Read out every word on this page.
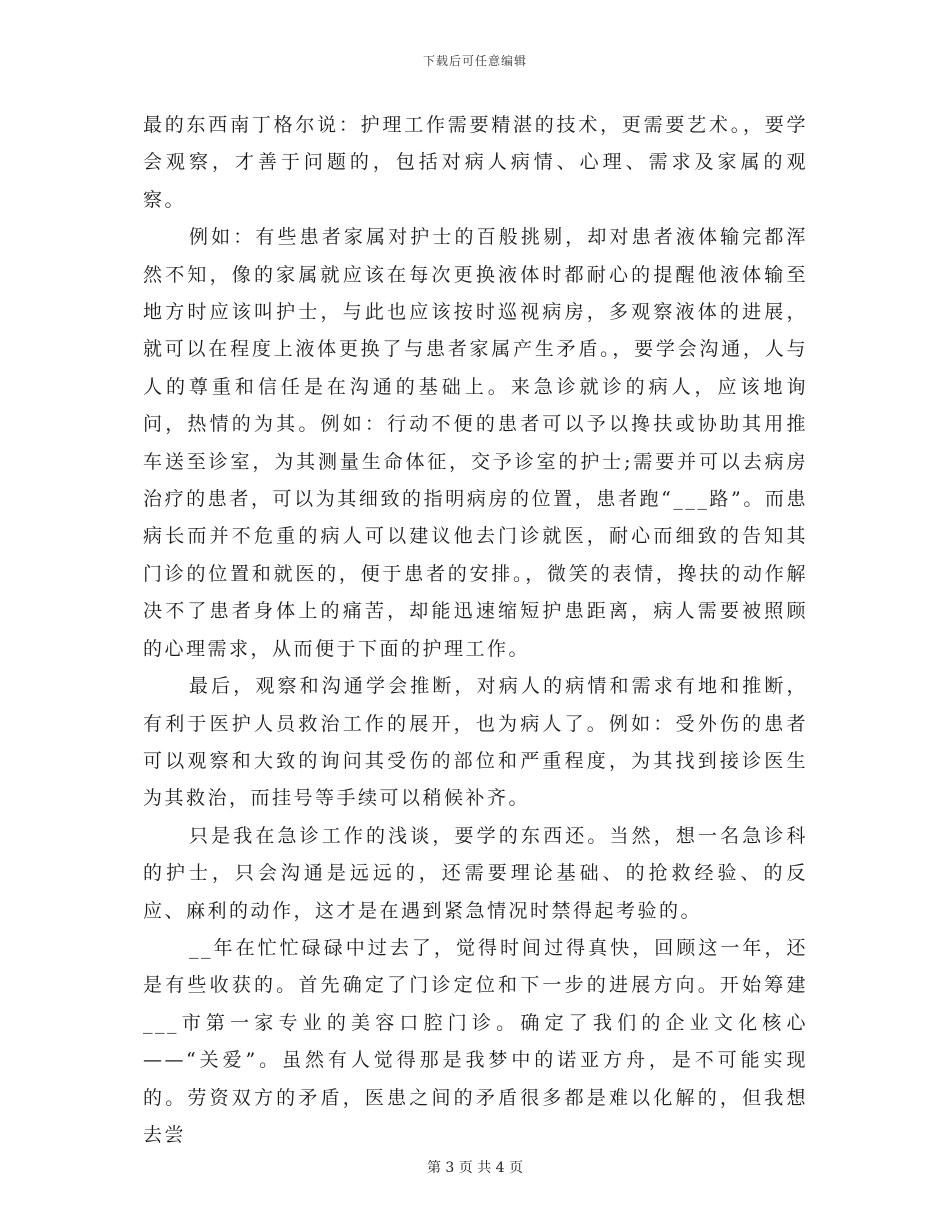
下载后可任意编辑

最的东西南丁格尔说：护理工作需要精湛的技术，更需要艺术。，要学会观察，才善于问题的，包括对病人病情、心理、需求及家属的观察。

例如：有些患者家属对护士的百般挑剔，却对患者液体输完都浑然不知，像的家属就应该在每次更换液体时都耐心的提醒他液体输至地方时应该叫护士，与此也应该按时巡视病房，多观察液体的进展，就可以在程度上液体更换了与患者家属产生矛盾。，要学会沟通，人与人的尊重和信任是在沟通的基础上。来急诊就诊的病人，应该地询问，热情的为其。例如：行动不便的患者可以予以搀扶或协助其用推车送至诊室，为其测量生命体征，交予诊室的护士;需要并可以去病房治疗的患者，可以为其细致的指明病房的位置，患者跑“___路”。而患病长而并不危重的病人可以建议他去门诊就医，耐心而细致的告知其门诊的位置和就医的，便于患者的安排。，微笑的表情，搀扶的动作解决不了患者身体上的痛苦，却能迅速缩短护患距离，病人需要被照顾的心理需求，从而便于下面的护理工作。

最后，观察和沟通学会推断，对病人的病情和需求有地和推断，有利于医护人员救治工作的展开，也为病人了。例如：受外伤的患者可以观察和大致的询问其受伤的部位和严重程度，为其找到接诊医生为其救治，而挂号等手续可以稍候补齐。

只是我在急诊工作的浅谈，要学的东西还。当然，想一名急诊科的护士，只会沟通是远远的，还需要理论基础、的抢救经验、的反应、麻利的动作，这才是在遇到紧急情况时禁得起考验的。

__年在忙忙碌碌中过去了，觉得时间过得真快，回顾这一年，还是有些收获的。首先确定了门诊定位和下一步的进展方向。开始筹建___市第一家专业的美容口腔门诊。确定了我们的企业文化核心——“关爱”。虽然有人觉得那是我梦中的诺亚方舟，是不可能实现的。劳资双方的矛盾，医患之间的矛盾很多都是难以化解的，但我想去尝

第 3 页 共 4 页
